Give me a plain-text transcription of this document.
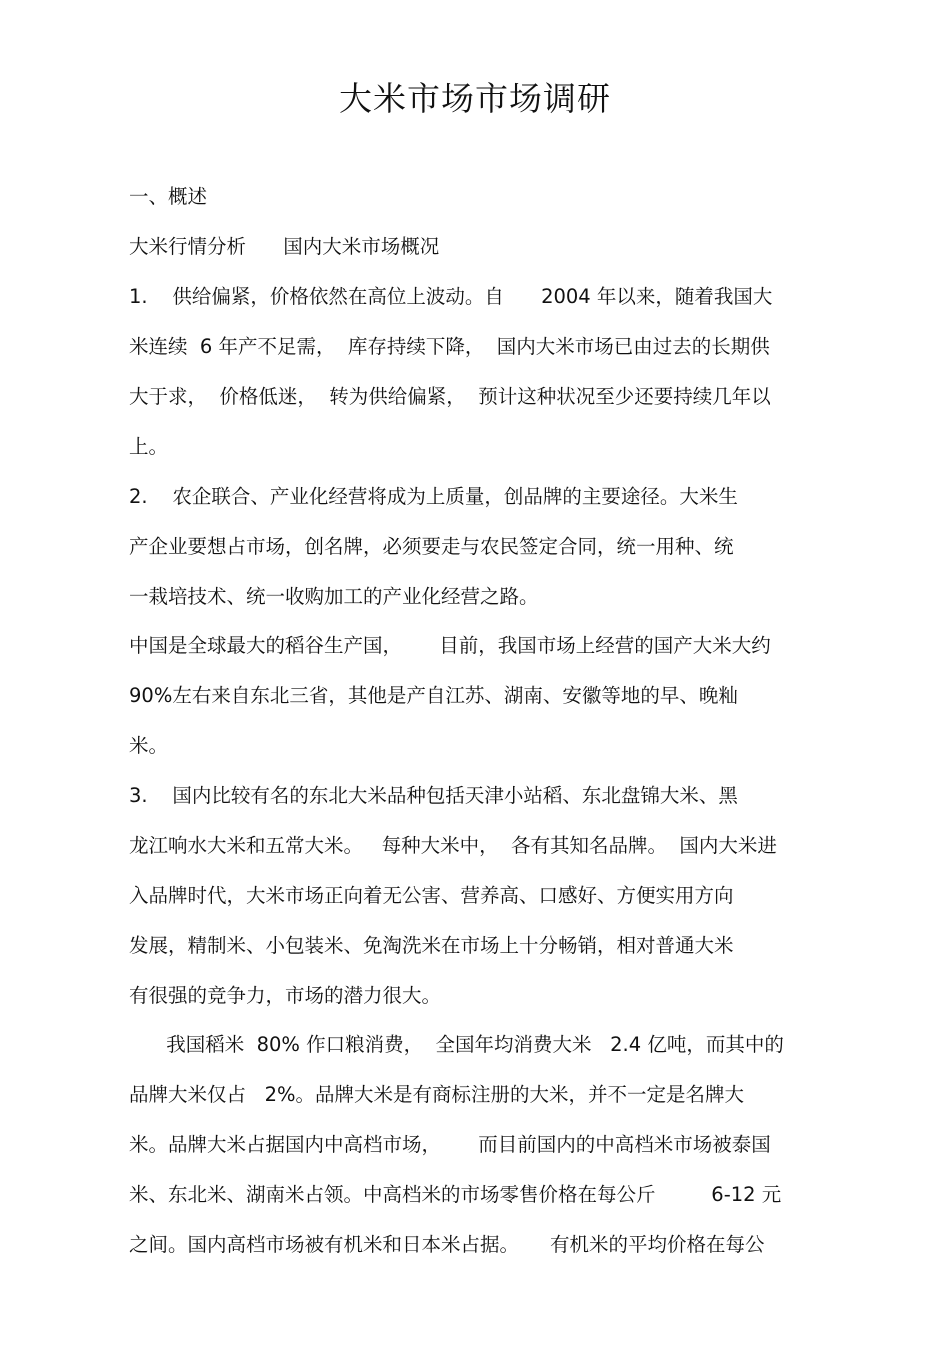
大米市场市场调研
一、概述
大米行情分析      国内大米市场概况
1.    供给偏紧，价格依然在高位上波动。自      2004 年以来，随着我国大
米连续  6 年产不足需，  库存持续下降，  国内大米市场已由过去的长期供
大于求，  价格低迷，  转为供给偏紧，  预计这种状况至少还要持续几年以
上。
2.    农企联合、产业化经营将成为上质量，创品牌的主要途径。大米生
产企业要想占市场，创名牌，必须要走与农民签定合同，统一用种、统
一栽培技术、统一收购加工的产业化经营之路。
中国是全球最大的稻谷生产国，      目前，我国市场上经营的国产大米大约
90%左右来自东北三省，其他是产自江苏、湖南、安徽等地的早、晚籼
米。
3.    国内比较有名的东北大米品种包括天津小站稻、东北盘锦大米、黑
龙江响水大米和五常大米。   每种大米中，  各有其知名品牌。  国内大米进
入品牌时代，大米市场正向着无公害、营养高、口感好、方便实用方向
发展，精制米、小包装米、免淘洗米在市场上十分畅销，相对普通大米
有很强的竞争力，市场的潜力很大。
我国稻米  80% 作口粮消费，  全国年均消费大米   2.4 亿吨，而其中的
品牌大米仅占   2%。品牌大米是有商标注册的大米，并不一定是名牌大
米。品牌大米占据国内中高档市场，      而目前国内的中高档米市场被泰国
米、东北米、湖南米占领。中高档米的市场零售价格在每公斤         6-12 元
之间。国内高档市场被有机米和日本米占据。     有机米的平均价格在每公
